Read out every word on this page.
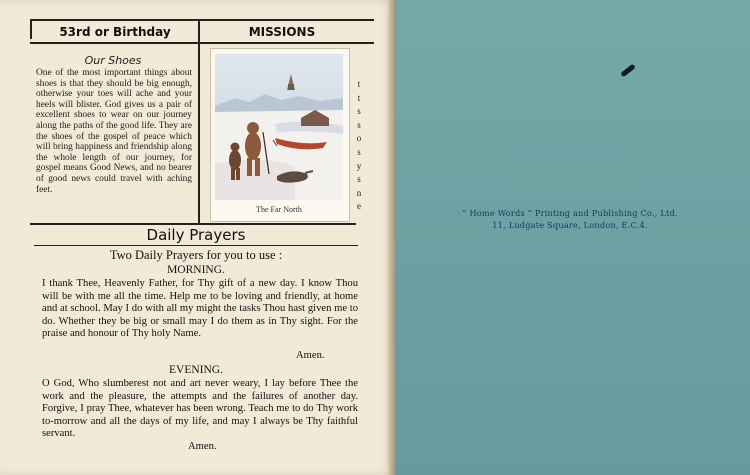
53rd or Birthday
Our Shoes
One of the most important things about shoes is that they should be big enough, otherwise your toes will ache and your heels will blister. God gives us a pair of excellent shoes to wear on our journey along the paths of the good life. They are the shoes of the gospel of peace which will bring happiness and friendship along the whole length of our journey, for gospel means Good News, and no bearer of good news could travel with aching feet.
MISSIONS
The Far North
t
t
s
s
o
s
y
s
n
e
Daily Prayers
Two Daily Prayers for you to use :
MORNING.
I thank Thee, Heavenly Father, for Thy gift of a new day. I know Thou will be with me all the time. Help me to be loving and friendly, at home and at school. May I do with all my might the tasks Thou hast given me to do. Whether they be big or small may I do them as in Thy sight. For the praise and honour of Thy holy Name.
Amen.
EVENING.
O God, Who slumberest not and art never weary, I lay before Thee the work and the pleasure, the attempts and the failures of another day. Forgive, I pray Thee, whatever has been wrong. Teach me to do Thy work to-morrow and all the days of my life, and may I always be Thy faithful servant.
Amen.
“ Home Words ” Printing and Publishing Co., Ltd.
11, Ludgate Square, London, E.C.4.
